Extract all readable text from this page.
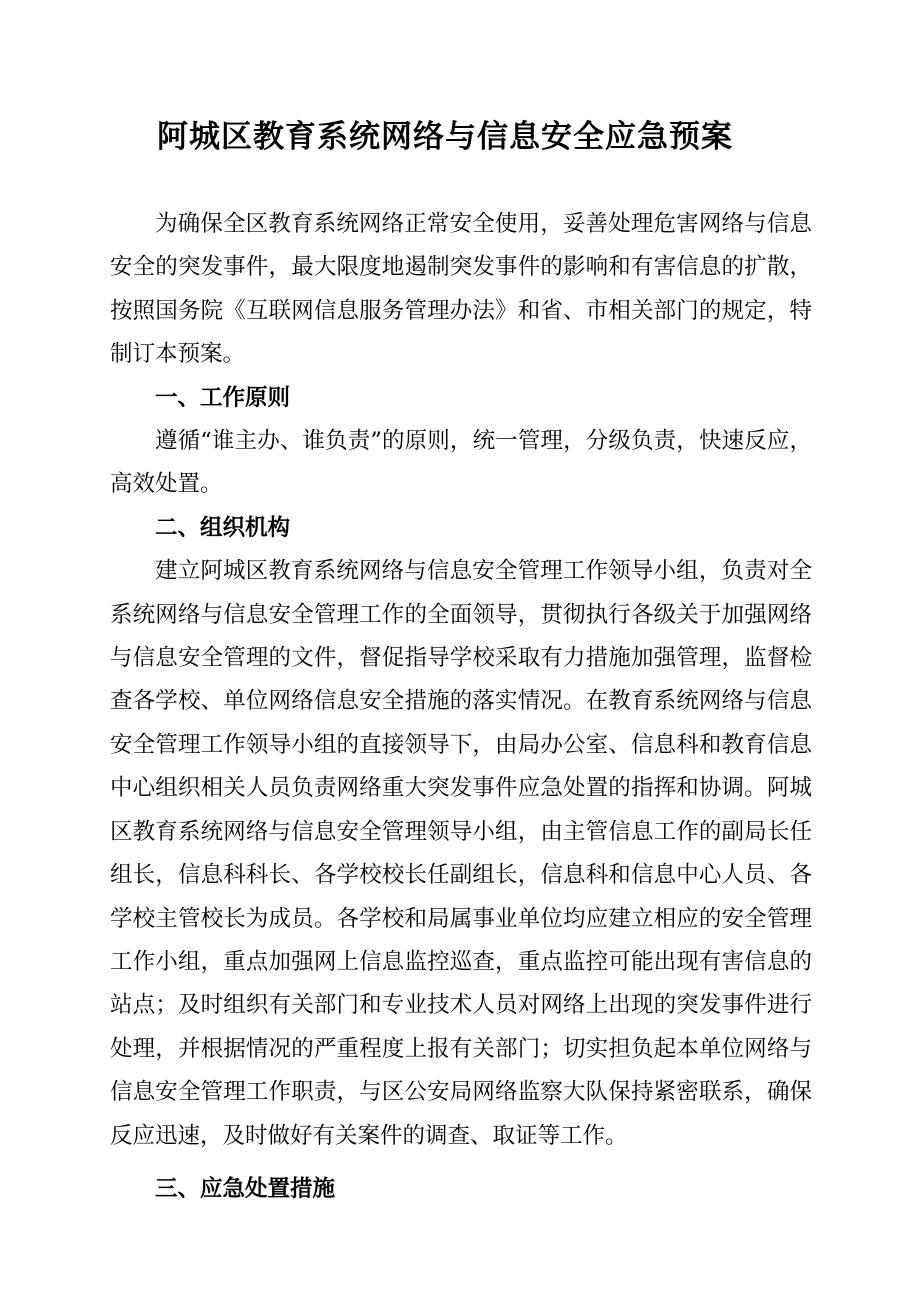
阿城区教育系统网络与信息安全应急预案

为确保全区教育系统网络正常安全使用，妥善处理危害网络与信息安全的突发事件，最大限度地遏制突发事件的影响和有害信息的扩散，按照国务院《互联网信息服务管理办法》和省、市相关部门的规定，特制订本预案。

一、工作原则

遵循“谁主办、谁负责”的原则，统一管理，分级负责，快速反应，高效处置。

二、组织机构

建立阿城区教育系统网络与信息安全管理工作领导小组，负责对全系统网络与信息安全管理工作的全面领导，贯彻执行各级关于加强网络与信息安全管理的文件，督促指导学校采取有力措施加强管理，监督检查各学校、单位网络信息安全措施的落实情况。在教育系统网络与信息安全管理工作领导小组的直接领导下，由局办公室、信息科和教育信息中心组织相关人员负责网络重大突发事件应急处置的指挥和协调。阿城区教育系统网络与信息安全管理领导小组，由主管信息工作的副局长任组长，信息科科长、各学校校长任副组长，信息科和信息中心人员、各学校主管校长为成员。各学校和局属事业单位均应建立相应的安全管理工作小组，重点加强网上信息监控巡查，重点监控可能出现有害信息的站点；及时组织有关部门和专业技术人员对网络上出现的突发事件进行处理，并根据情况的严重程度上报有关部门；切实担负起本单位网络与信息安全管理工作职责，与区公安局网络监察大队保持紧密联系，确保反应迅速，及时做好有关案件的调查、取证等工作。

三、应急处置措施
